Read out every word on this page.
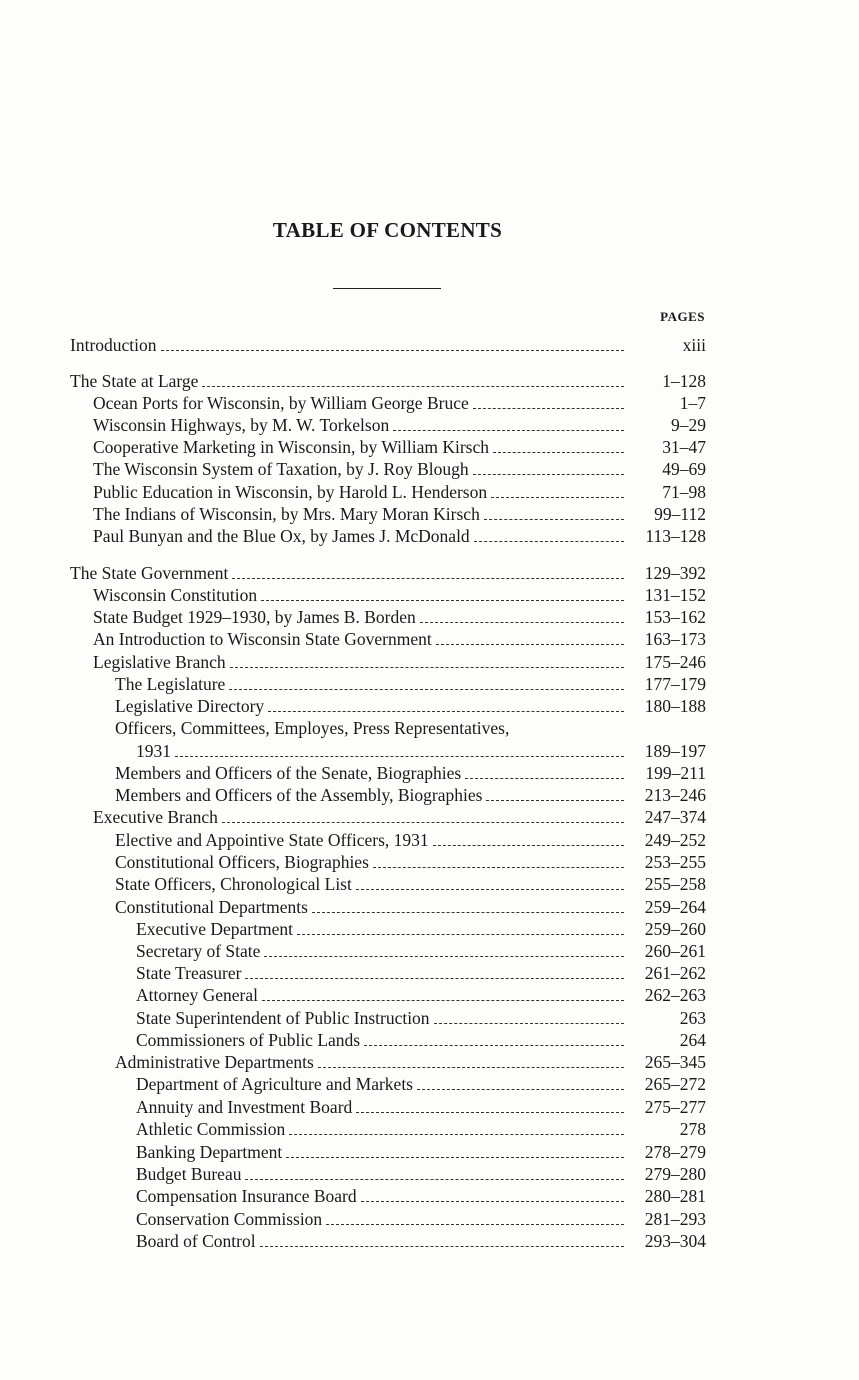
TABLE OF CONTENTS
PAGES
Introduction	xiii
The State at Large	1–128
Ocean Ports for Wisconsin, by William George Bruce	1–7
Wisconsin Highways, by M. W. Torkelson	9–29
Cooperative Marketing in Wisconsin, by William Kirsch	31–47
The Wisconsin System of Taxation, by J. Roy Blough	49–69
Public Education in Wisconsin, by Harold L. Henderson	71–98
The Indians of Wisconsin, by Mrs. Mary Moran Kirsch	99–112
Paul Bunyan and the Blue Ox, by James J. McDonald	113–128
The State Government	129–392
Wisconsin Constitution	131–152
State Budget 1929–1930, by James B. Borden	153–162
An Introduction to Wisconsin State Government	163–173
Legislative Branch	175–246
The Legislature	177–179
Legislative Directory	180–188
Officers, Committees, Employes, Press Representatives,
1931	189–197
Members and Officers of the Senate, Biographies	199–211
Members and Officers of the Assembly, Biographies	213–246
Executive Branch	247–374
Elective and Appointive State Officers, 1931	249–252
Constitutional Officers, Biographies	253–255
State Officers, Chronological List	255–258
Constitutional Departments	259–264
Executive Department	259–260
Secretary of State	260–261
State Treasurer	261–262
Attorney General	262–263
State Superintendent of Public Instruction	263
Commissioners of Public Lands	264
Administrative Departments	265–345
Department of Agriculture and Markets	265–272
Annuity and Investment Board	275–277
Athletic Commission	278
Banking Department	278–279
Budget Bureau	279–280
Compensation Insurance Board	280–281
Conservation Commission	281–293
Board of Control	293–304
